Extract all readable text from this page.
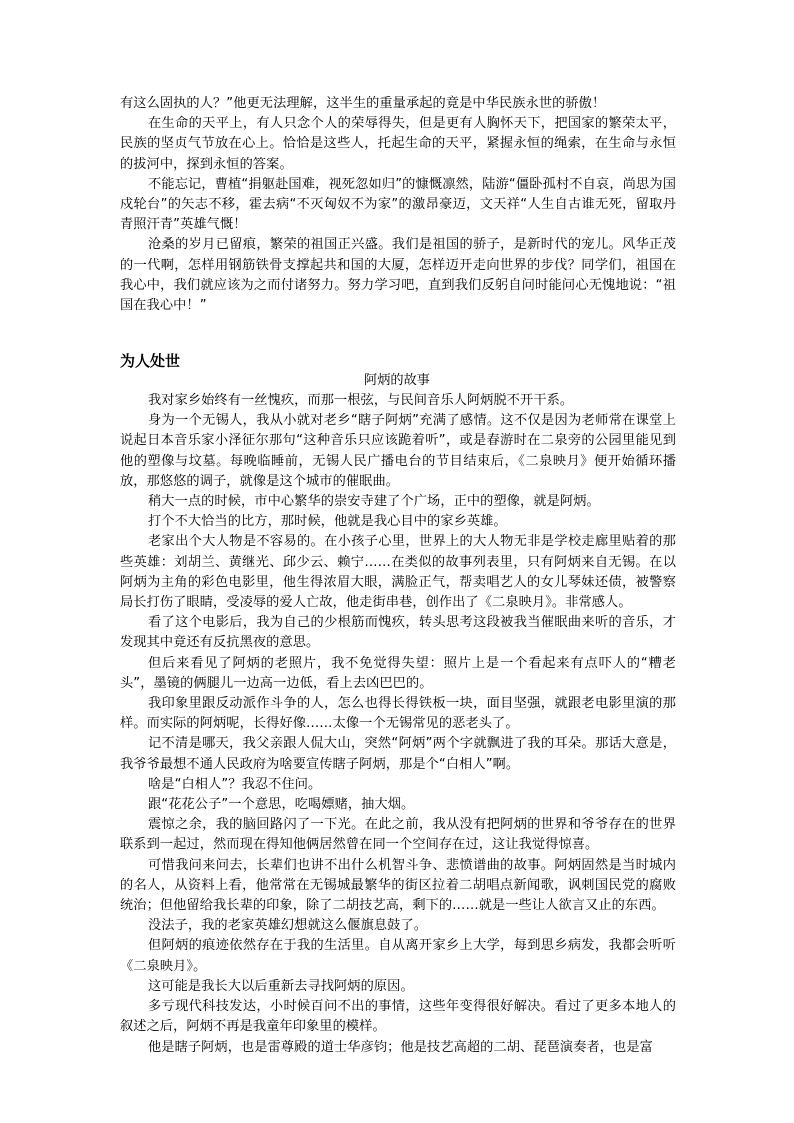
有这么固执的人？”他更无法理解，这半生的重量承起的竟是中华民族永世的骄傲！

在生命的天平上，有人只念个人的荣辱得失，但是更有人胸怀天下，把国家的繁荣太平，民族的坚贞气节放在心上。恰恰是这些人，托起生命的天平，紧握永恒的绳索，在生命与永恒的拔河中，探到永恒的答案。

不能忘记，曹植“捐躯赴国难，视死忽如归”的慷慨凛然，陆游“僵卧孤村不自哀，尚思为国戍轮台”的矢志不移，霍去病“不灭匈奴不为家”的激昂豪迈，文天祥“人生自古谁无死，留取丹青照汗青”英雄气慨！

沧桑的岁月已留痕，繁荣的祖国正兴盛。我们是祖国的骄子，是新时代的宠儿。风华正茂的一代啊，怎样用钢筋铁骨支撑起共和国的大厦，怎样迈开走向世界的步伐？同学们，祖国在我心中，我们就应该为之而付诸努力。努力学习吧，直到我们反躬自问时能问心无愧地说：“祖国在我心中！”

为人处世

阿炳的故事

我对家乡始终有一丝愧疚，而那一根弦，与民间音乐人阿炳脱不开干系。

身为一个无锡人，我从小就对老乡“瞎子阿炳”充满了感情。这不仅是因为老师常在课堂上说起日本音乐家小泽征尔那句“这种音乐只应该跪着听”，或是春游时在二泉旁的公园里能见到他的塑像与坟墓。每晚临睡前，无锡人民广播电台的节目结束后，《二泉映月》便开始循环播放，那悠悠的调子，就像是这个城市的催眠曲。

稍大一点的时候，市中心繁华的崇安寺建了个广场，正中的塑像，就是阿炳。

打个不大恰当的比方，那时候，他就是我心目中的家乡英雄。

老家出个大人物是不容易的。在小孩子心里，世界上的大人物无非是学校走廊里贴着的那些英雄：刘胡兰、黄继光、邱少云、赖宁……在类似的故事列表里，只有阿炳来自无锡。在以阿炳为主角的彩色电影里，他生得浓眉大眼，满脸正气，帮卖唱艺人的女儿琴妹还债，被警察局长打伤了眼睛，受凌辱的爱人亡故，他走街串巷，创作出了《二泉映月》。非常感人。

看了这个电影后，我为自己的少根筋而愧疚，转头思考这段被我当催眠曲来听的音乐，才发现其中竟还有反抗黑夜的意思。

但后来看见了阿炳的老照片，我不免觉得失望：照片上是一个看起来有点吓人的“糟老头”，墨镜的俩腿儿一边高一边低，看上去凶巴巴的。

我印象里跟反动派作斗争的人，怎么也得长得铁板一块，面目坚强，就跟老电影里演的那样。而实际的阿炳呢，长得好像……太像一个无锡常见的恶老头了。

记不清是哪天，我父亲跟人侃大山，突然“阿炳”两个字就飘进了我的耳朵。那话大意是，我爷爷最想不通人民政府为啥要宣传瞎子阿炳，那是个“白相人”啊。

啥是“白相人”？我忍不住问。

跟“花花公子”一个意思，吃喝嫖赌，抽大烟。

震惊之余，我的脑回路闪了一下光。在此之前，我从没有把阿炳的世界和爷爷存在的世界联系到一起过，然而现在得知他俩居然曾在同一个空间存在过，这让我觉得惊喜。

可惜我问来问去，长辈们也讲不出什么机智斗争、悲愤谱曲的故事。阿炳固然是当时城内的名人，从资料上看，他常常在无锡城最繁华的街区拉着二胡唱点新闻歌，讽刺国民党的腐败统治；但他留给我长辈的印象，除了二胡技艺高，剩下的……就是一些让人欲言又止的东西。

没法子，我的老家英雄幻想就这么偃旗息鼓了。

但阿炳的痕迹依然存在于我的生活里。自从离开家乡上大学，每到思乡病发，我都会听听《二泉映月》。

这可能是我长大以后重新去寻找阿炳的原因。

多亏现代科技发达，小时候百问不出的事情，这些年变得很好解决。看过了更多本地人的叙述之后，阿炳不再是我童年印象里的模样。

他是瞎子阿炳，也是雷尊殿的道士华彦钧；他是技艺高超的二胡、琵琶演奏者，也是富
